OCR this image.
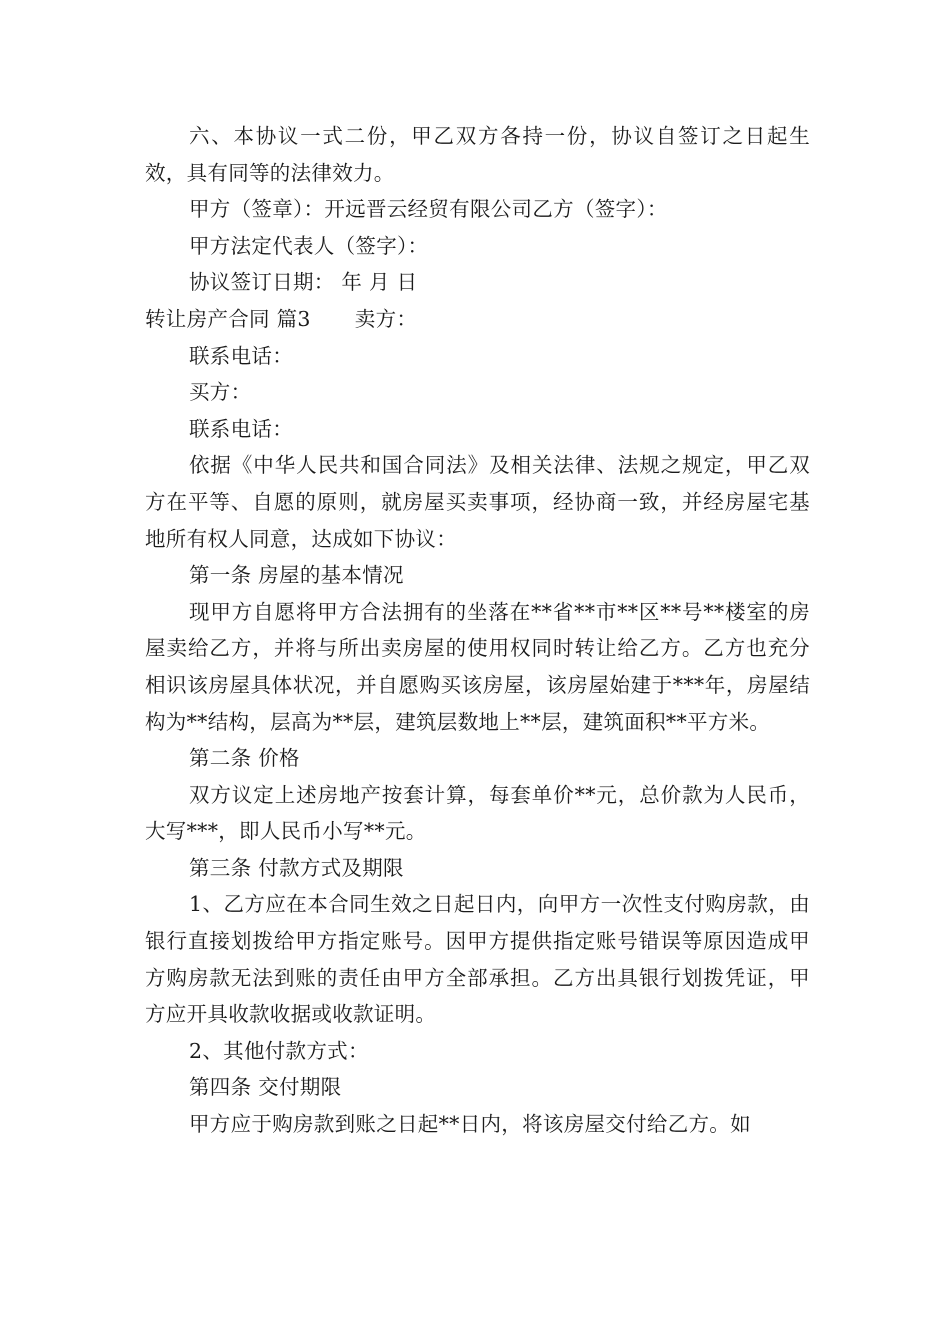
六、本协议一式二份，甲乙双方各持一份，协议自签订之日起生效，具有同等的法律效力。

甲方（签章）：开远晋云经贸有限公司乙方（签字）：

甲方法定代表人（签字）：

协议签订日期： 年 月 日

转让房产合同 篇3 卖方：

联系电话：

买方：

联系电话：

依据《中华人民共和国合同法》及相关法律、法规之规定，甲乙双方在平等、自愿的原则，就房屋买卖事项，经协商一致，并经房屋宅基地所有权人同意，达成如下协议：

第一条 房屋的基本情况

现甲方自愿将甲方合法拥有的坐落在**省**市**区**号**楼室的房屋卖给乙方，并将与所出卖房屋的使用权同时转让给乙方。乙方也充分相识该房屋具体状况，并自愿购买该房屋，该房屋始建于***年，房屋结构为**结构，层高为**层，建筑层数地上**层，建筑面积**平方米。

第二条 价格

双方议定上述房地产按套计算，每套单价**元，总价款为人民币，大写***，即人民币小写**元。

第三条 付款方式及期限

1、乙方应在本合同生效之日起日内，向甲方一次性支付购房款，由银行直接划拨给甲方指定账号。因甲方提供指定账号错误等原因造成甲方购房款无法到账的责任由甲方全部承担。乙方出具银行划拨凭证，甲方应开具收款收据或收款证明。

2、其他付款方式：

第四条 交付期限

甲方应于购房款到账之日起**日内，将该房屋交付给乙方。如
